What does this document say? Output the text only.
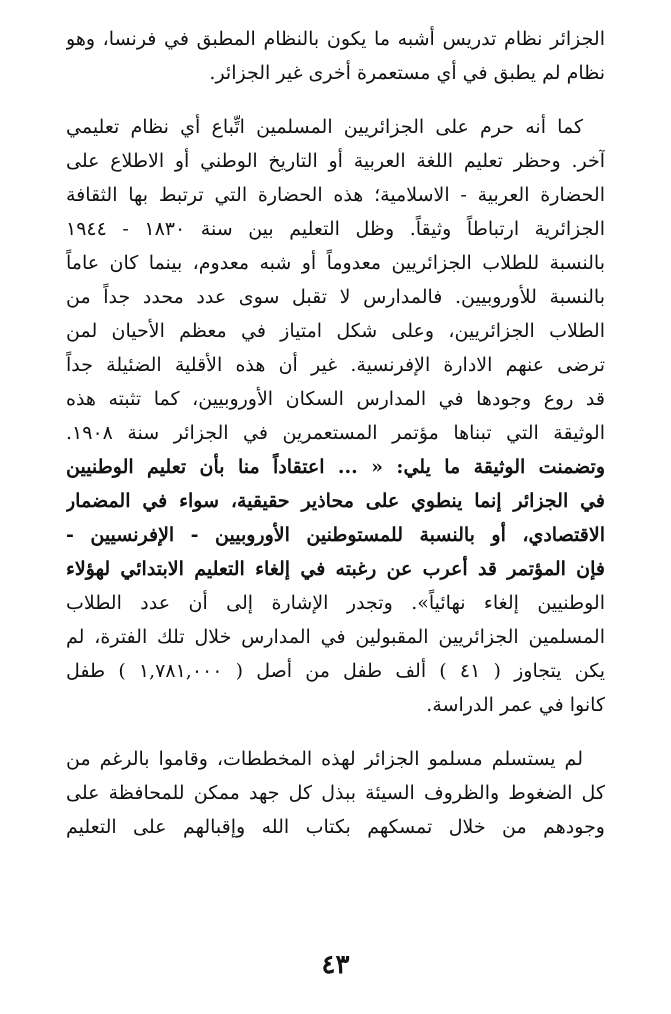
الجزائر نظام تدريس أشبه ما يكون بالنظام المطبق في فرنسا، وهو
نظام لم يطبق في أي مستعمرة أخرى غير الجزائر.
كما أنه حرم على الجزائريين المسلمين اتِّباع أي نظام تعليمي
آخر. وحظر تعليم اللغة العربية أو التاريخ الوطني أو الاطلاع على
الحضارة العربية - الاسلامية؛ هذه الحضارة التي ترتبط بها الثقافة
الجزائرية ارتباطاً وثيقاً. وظل التعليم بين سنة ١٨٣٠ - ١٩٤٤
بالنسبة للطلاب الجزائريين معدوماً أو شبه معدوم، بينما كان عاماً
بالنسبة للأوروبيين. فالمدارس لا تقبل سوى عدد محدد جداً من
الطلاب الجزائريين، وعلى شكل امتياز في معظم الأحيان لمن
ترضى عنهم الادارة الإفرنسية. غير أن هذه الأقلية الضئيلة جداً
قد روع وجودها في المدارس السكان الأوروبيين، كما تثبته هذه
الوثيقة التي تبناها مؤتمر المستعمرين في الجزائر سنة ١٩٠٨.
وتضمنت الوثيقة ما يلي: « ... اعتقاداً منا بأن تعليم الوطنيين
في الجزائر إنما ينطوي على محاذير حقيقية، سواء في المضمار
الاقتصادي، أو بالنسبة للمستوطنين الأوروبيين - الإفرنسيين -
فإن المؤتمر قد أعرب عن رغبته في إلغاء التعليم الابتدائي لهؤلاء
الوطنيين إلغاء نهائياً». وتجدر الإشارة إلى أن عدد الطلاب
المسلمين الجزائريين المقبولين في المدارس خلال تلك الفترة، لم
يكن يتجاوز ( ٤١ ) ألف طفل من أصل ( ١,٧٨١,٠٠٠ ) طفل
كانوا في عمر الدراسة.
لم يستسلم مسلمو الجزائر لهذه المخططات، وقاموا بالرغم من
كل الضغوط والظروف السيئة ببذل كل جهد ممكن للمحافظة على
وجودهم من خلال تمسكهم بكتاب الله وإقبالهم على التعليم
٤٣
